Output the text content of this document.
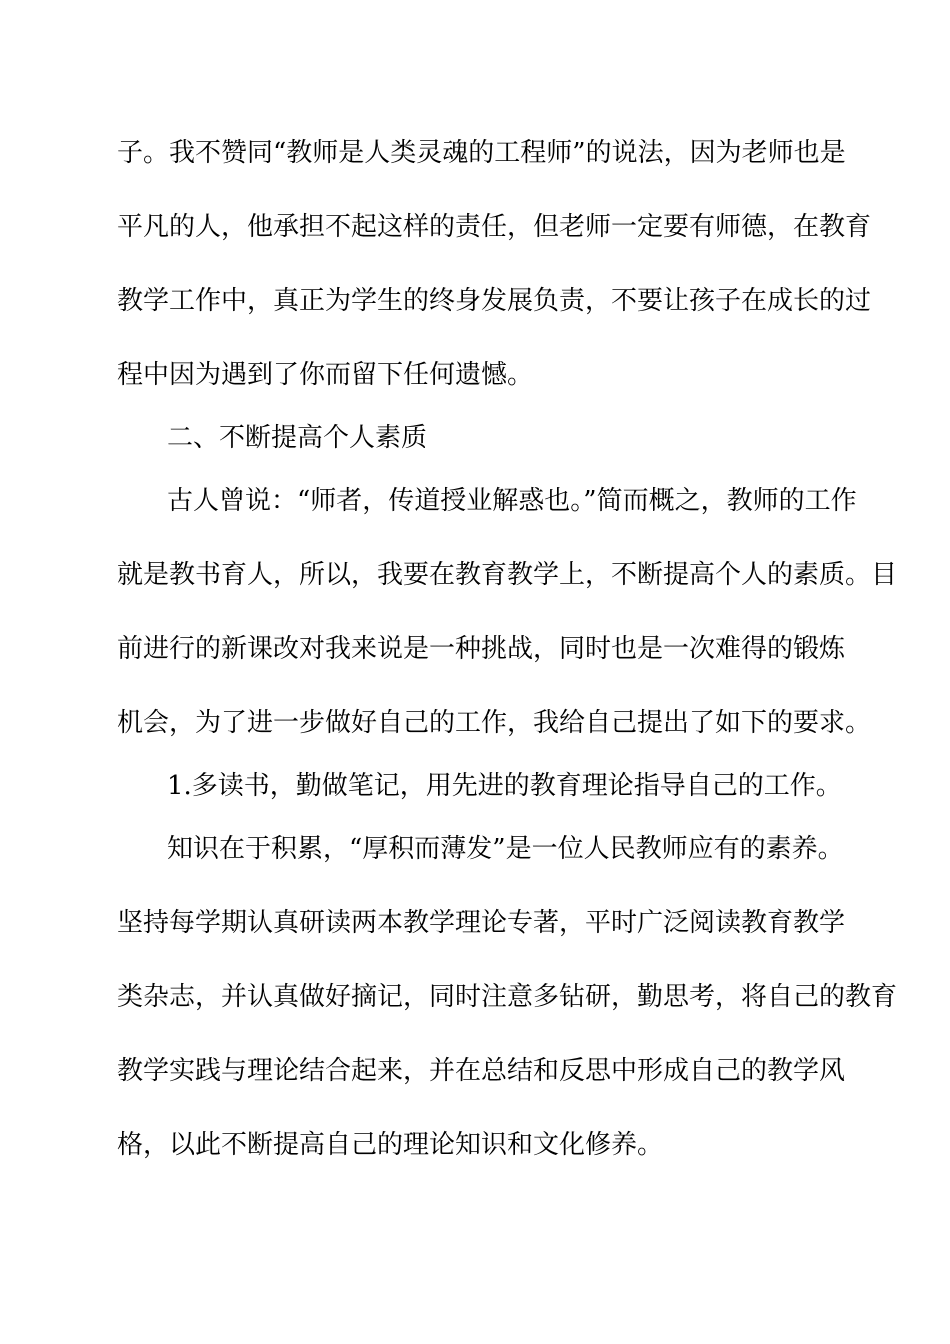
子。我不赞同“教师是人类灵魂的工程师”的说法，因为老师也是
平凡的人，他承担不起这样的责任，但老师一定要有师德，在教育
教学工作中，真正为学生的终身发展负责，不要让孩子在成长的过
程中因为遇到了你而留下任何遗憾。
二、不断提高个人素质
古人曾说：“师者，传道授业解惑也。”简而概之，教师的工作
就是教书育人，所以，我要在教育教学上，不断提高个人的素质。目
前进行的新课改对我来说是一种挑战，同时也是一次难得的锻炼
机会，为了进一步做好自己的工作，我给自己提出了如下的要求。
1.多读书，勤做笔记，用先进的教育理论指导自己的工作。
知识在于积累，“厚积而薄发”是一位人民教师应有的素养。
坚持每学期认真研读两本教学理论专著，平时广泛阅读教育教学
类杂志，并认真做好摘记，同时注意多钻研，勤思考，将自己的教育
教学实践与理论结合起来，并在总结和反思中形成自己的教学风
格，以此不断提高自己的理论知识和文化修养。
